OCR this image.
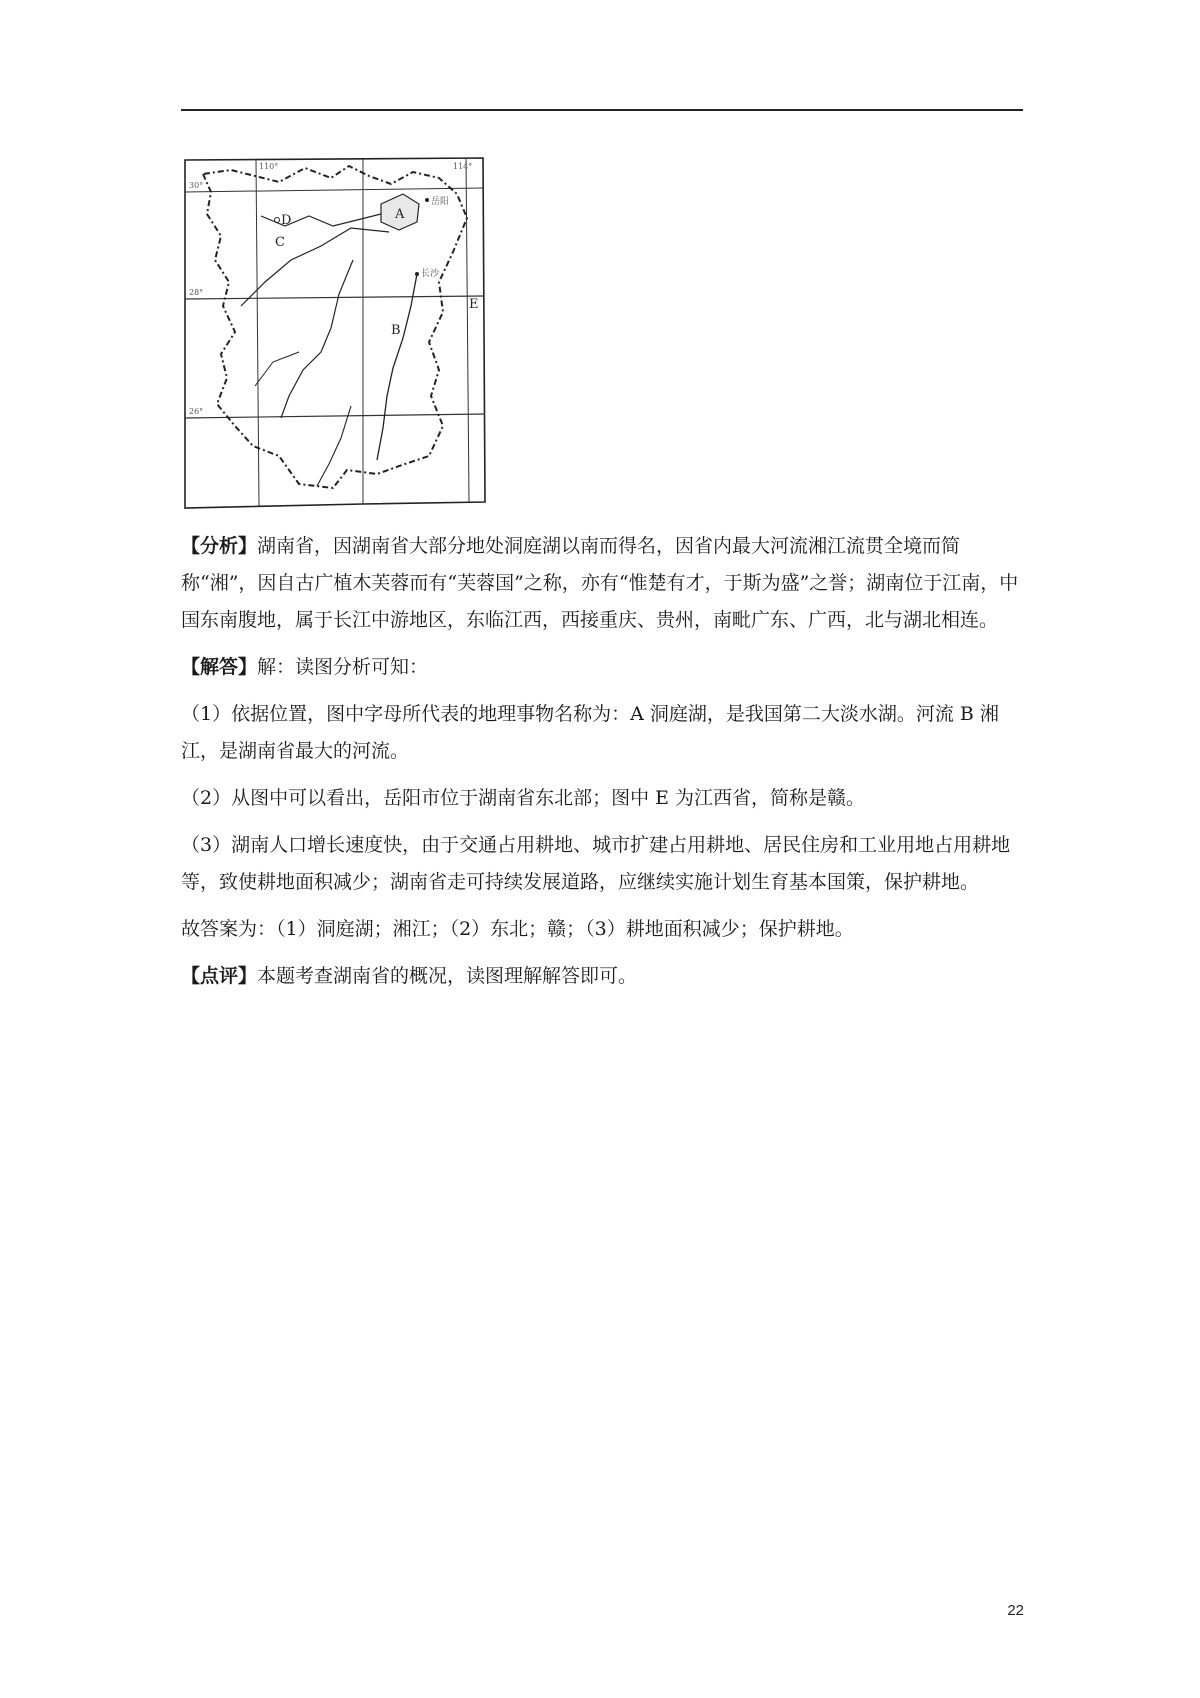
110°	114°
30°
28°
26°
A
B
C
D
E
岳阳
长沙

【分析】湖南省，因湖南省大部分地处洞庭湖以南而得名，因省内最大河流湘江流贯全境而简称“湘”，因自古广植木芙蓉而有“芙蓉国”之称，亦有“惟楚有才，于斯为盛”之誉；湖南位于江南，中国东南腹地，属于长江中游地区，东临江西，西接重庆、贵州，南毗广东、广西，北与湖北相连。

【解答】解：读图分析可知：

（1）依据位置，图中字母所代表的地理事物名称为：A 洞庭湖，是我国第二大淡水湖。河流 B 湘江，是湖南省最大的河流。

（2）从图中可以看出，岳阳市位于湖南省东北部；图中 E 为江西省，简称是赣。

（3）湖南人口增长速度快，由于交通占用耕地、城市扩建占用耕地、居民住房和工业用地占用耕地等，致使耕地面积减少；湖南省走可持续发展道路，应继续实施计划生育基本国策，保护耕地。

故答案为：（1）洞庭湖；湘江；（2）东北；赣；（3）耕地面积减少；保护耕地。

【点评】本题考查湖南省的概况，读图理解解答即可。

22
